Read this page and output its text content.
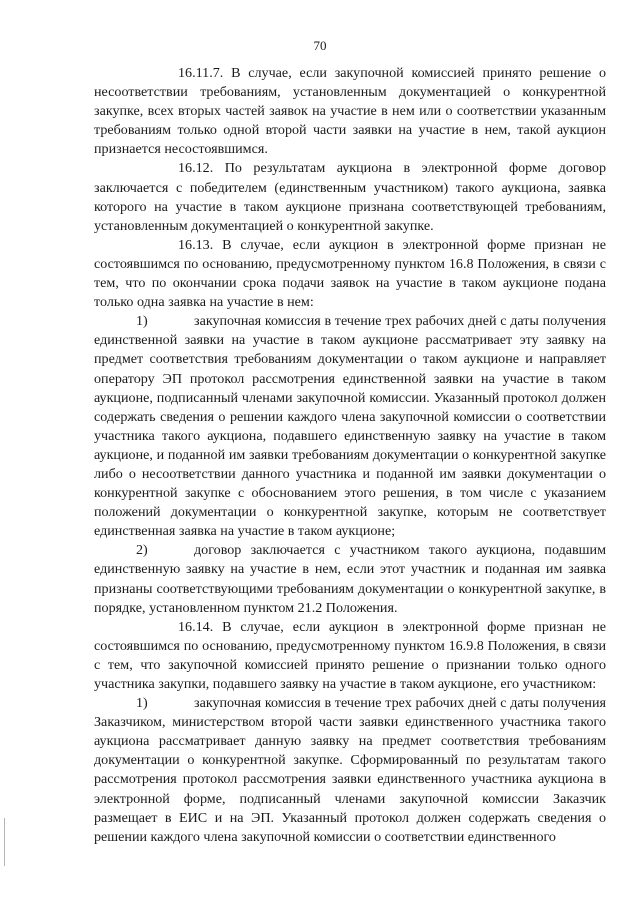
70

16.11.7. В случае, если закупочной комиссией принято решение о несоответствии требованиям, установленным документацией о конкурентной закупке, всех вторых частей заявок на участие в нем или о соответствии указанным требованиям только одной второй части заявки на участие в нем, такой аукцион признается несостоявшимся.

16.12. По результатам аукциона в электронной форме договор заключается с победителем (единственным участником) такого аукциона, заявка которого на участие в таком аукционе признана соответствующей требованиям, установленным документацией о конкурентной закупке.

16.13. В случае, если аукцион в электронной форме признан не состоявшимся по основанию, предусмотренному пунктом 16.8 Положения, в связи с тем, что по окончании срока подачи заявок на участие в таком аукционе подана только одна заявка на участие в нем:

1)	закупочная комиссия в течение трех рабочих дней с даты получения единственной заявки на участие в таком аукционе рассматривает эту заявку на предмет соответствия требованиям документации о таком аукционе и направляет оператору ЭП протокол рассмотрения единственной заявки на участие в таком аукционе, подписанный членами закупочной комиссии. Указанный протокол должен содержать сведения о решении каждого члена закупочной комиссии о соответствии участника такого аукциона, подавшего единственную заявку на участие в таком аукционе, и поданной им заявки требованиям документации о конкурентной закупке либо о несоответствии данного участника и поданной им заявки документации о конкурентной закупке с обоснованием этого решения, в том числе с указанием положений документации о конкурентной закупке, которым не соответствует единственная заявка на участие в таком аукционе;

2)	договор заключается с участником такого аукциона, подавшим единственную заявку на участие в нем, если этот участник и поданная им заявка признаны соответствующими требованиям документации о конкурентной закупке, в порядке, установленном пунктом 21.2 Положения.

16.14. В случае, если аукцион в электронной форме признан не состоявшимся по основанию, предусмотренному пунктом 16.9.8 Положения, в связи с тем, что закупочной комиссией принято решение о признании только одного участника закупки, подавшего заявку на участие в таком аукционе, его участником:

1)	закупочная комиссия в течение трех рабочих дней с даты получения Заказчиком, министерством второй части заявки единственного участника такого аукциона рассматривает данную заявку на предмет соответствия требованиям документации о конкурентной закупке. Сформированный по результатам такого рассмотрения протокол рассмотрения заявки единственного участника аукциона в электронной форме, подписанный членами закупочной комиссии Заказчик размещает в ЕИС и на ЭП. Указанный протокол должен содержать сведения о решении каждого члена закупочной комиссии о соответствии единственного
